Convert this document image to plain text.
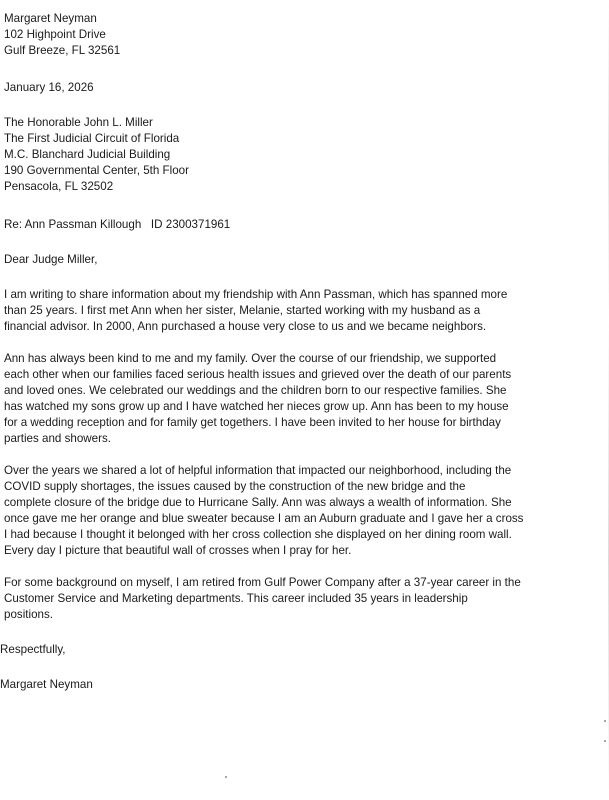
Margaret Neyman
102 Highpoint Drive
Gulf Breeze, FL 32561
January 16, 2026
The Honorable John L. Miller
The First Judicial Circuit of Florida
M.C. Blanchard Judicial Building
190 Governmental Center, 5th Floor
Pensacola, FL 32502
Re: Ann Passman Killough   ID 2300371961
Dear Judge Miller,
I am writing to share information about my friendship with Ann Passman, which has spanned more
than 25 years. I first met Ann when her sister, Melanie, started working with my husband as a
financial advisor. In 2000, Ann purchased a house very close to us and we became neighbors.
Ann has always been kind to me and my family. Over the course of our friendship, we supported
each other when our families faced serious health issues and grieved over the death of our parents
and loved ones. We celebrated our weddings and the children born to our respective families. She
has watched my sons grow up and I have watched her nieces grow up. Ann has been to my house
for a wedding reception and for family get togethers. I have been invited to her house for birthday
parties and showers.
Over the years we shared a lot of helpful information that impacted our neighborhood, including the
COVID supply shortages, the issues caused by the construction of the new bridge and the
complete closure of the bridge due to Hurricane Sally. Ann was always a wealth of information. She
once gave me her orange and blue sweater because I am an Auburn graduate and I gave her a cross
I had because I thought it belonged with her cross collection she displayed on her dining room wall.
Every day I picture that beautiful wall of crosses when I pray for her.
For some background on myself, I am retired from Gulf Power Company after a 37-year career in the
Customer Service and Marketing departments. This career included 35 years in leadership
positions.
Respectfully,
Margaret Neyman
